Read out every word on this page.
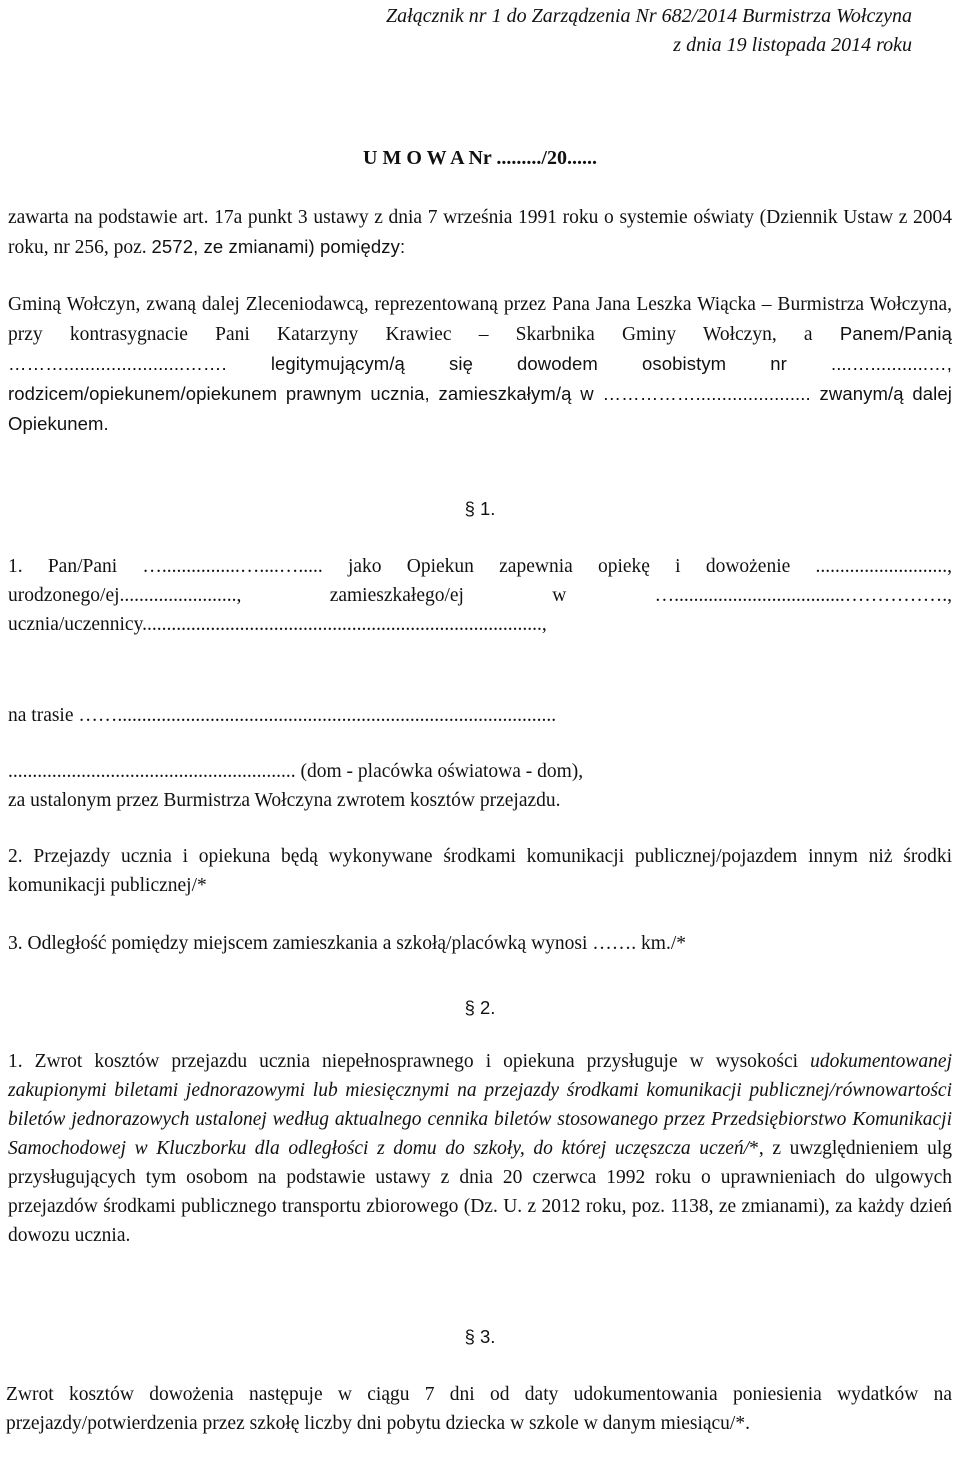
Załącznik nr 1 do Zarządzenia Nr 682/2014 Burmistrza Wołczyna
z dnia 19 listopada 2014 roku
U M O W A Nr ........./20......
zawarta na podstawie art. 17a punkt 3 ustawy z dnia 7 września 1991 roku o systemie oświaty (Dziennik Ustaw z 2004 roku, nr 256, poz. 2572, ze zmianami) pomiędzy:
Gminą Wołczyn, zwaną dalej Zleceniodawcą, reprezentowaną przez Pana Jana Leszka Wiącka – Burmistrza Wołczyna, przy kontrasygnacie Pani Katarzyny Krawiec – Skarbnika Gminy Wołczyn, a Panem/Panią ……….......................……. legitymującym/ą się dowodem osobistym nr ....…...........…, rodzicem/opiekunem/opiekunem prawnym ucznia, zamieszkałym/ą w ……………...................... zwanym/ą dalej Opiekunem.
§ 1.
1. Pan/Pani …................…....…..... jako Opiekun zapewnia opiekę i dowożenie ..........................., urodzonego/ej........................, zamieszkałego/ej w …...................................……………., ucznia/uczennicy..................................................................................,
na trasie ……..........................................................................................
........................................................... (dom - placówka oświatowa - dom),
za ustalonym przez Burmistrza Wołczyna zwrotem kosztów przejazdu.
2. Przejazdy ucznia i opiekuna będą wykonywane środkami komunikacji publicznej/pojazdem innym niż środki komunikacji publicznej/*
3. Odległość pomiędzy miejscem zamieszkania a szkołą/placówką wynosi ……. km./*
§ 2.
1. Zwrot kosztów przejazdu ucznia niepełnosprawnego i opiekuna przysługuje w wysokości udokumentowanej zakupionymi biletami jednorazowymi lub miesięcznymi na przejazdy środkami komunikacji publicznej/równowartości biletów jednorazowych ustalonej według aktualnego cennika biletów stosowanego przez Przedsiębiorstwo Komunikacji Samochodowej w Kluczborku dla odległości z domu do szkoły, do której uczęszcza uczeń/*, z uwzględnieniem ulg przysługujących tym osobom na podstawie ustawy z dnia 20 czerwca 1992 roku o uprawnieniach do ulgowych przejazdów środkami publicznego transportu zbiorowego (Dz. U. z 2012 roku, poz. 1138, ze zmianami), za każdy dzień dowozu ucznia.
§ 3.
Zwrot kosztów dowożenia następuje w ciągu 7 dni od daty udokumentowania poniesienia wydatków na przejazdy/potwierdzenia przez szkołę liczby dni pobytu dziecka w szkole w danym miesiącu/*.
